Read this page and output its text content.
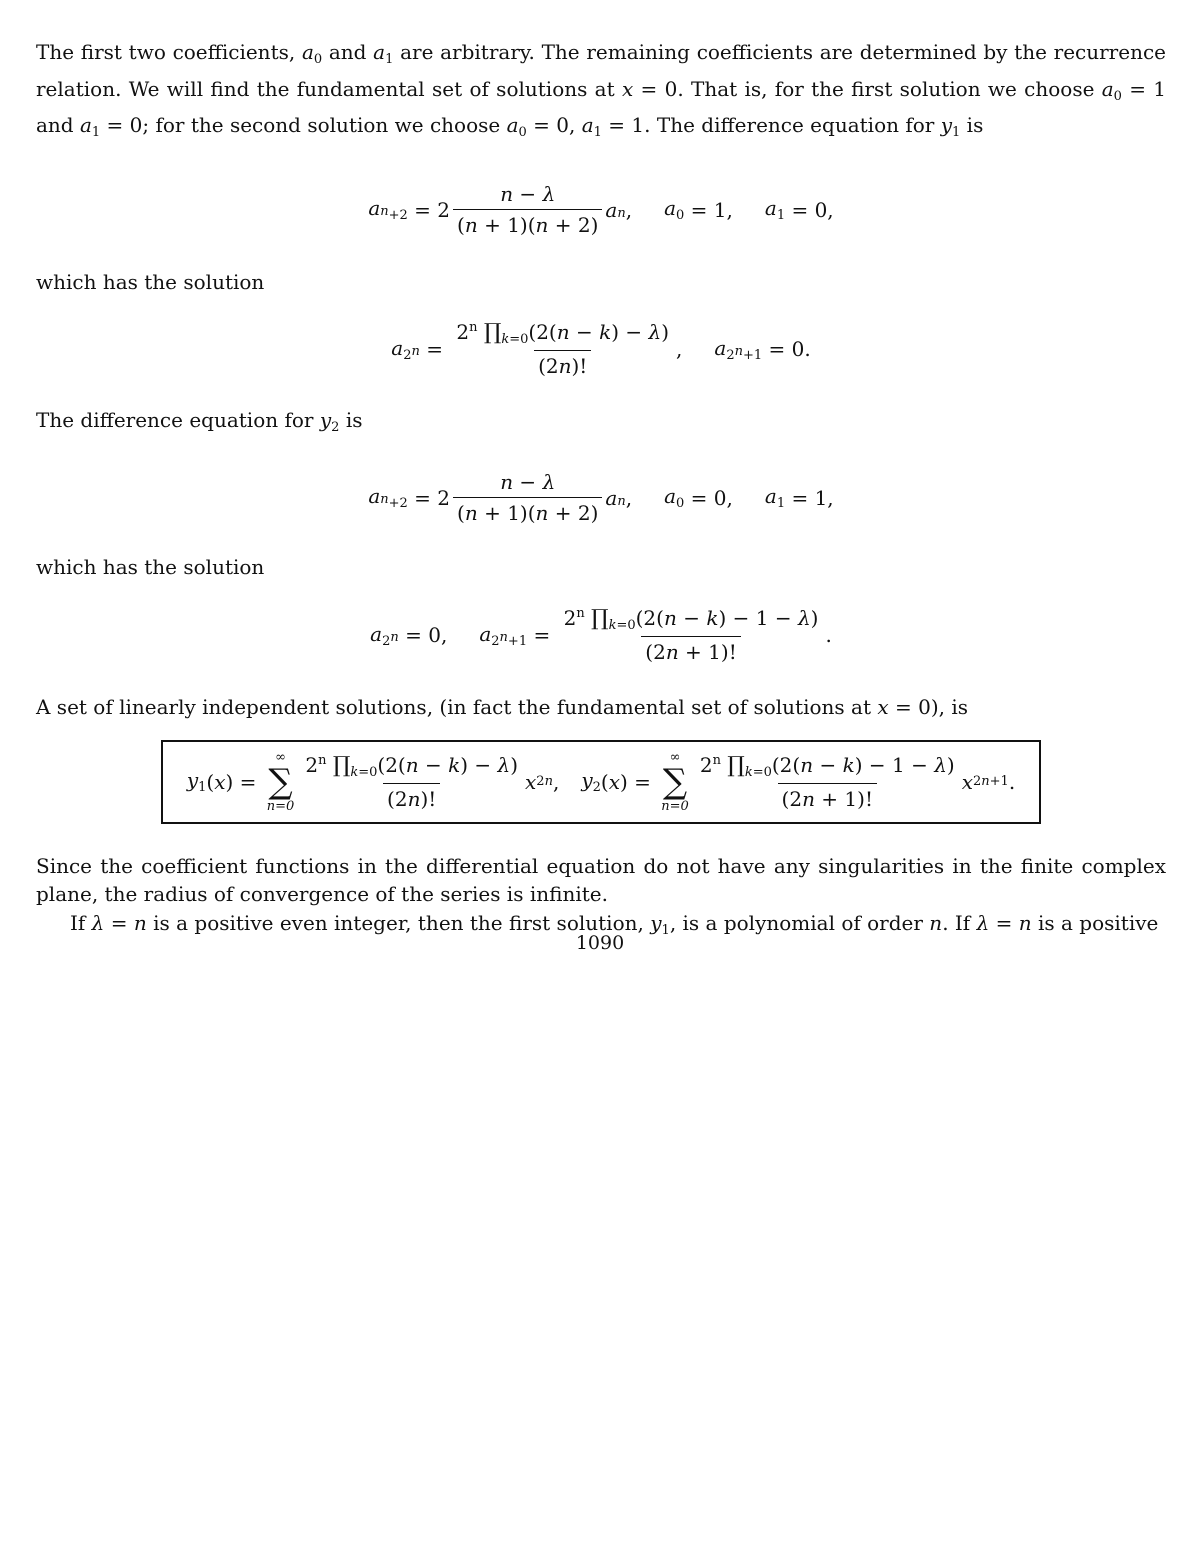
The first two coefficients, $a_0$ and $a_1$ are arbitrary. The remaining coefficients are determined by the recurrence relation. We will find the fundamental set of solutions at x = 0. That is, for the first solution we choose $a_0 = 1$ and $a_1 = 0$; for the second solution we choose $a_0 = 0$, $a_1 = 1$. The difference equation for $y_1$ is

$an_{+2} = 2 \frac{n - \lambda}{(n + 1)(n + 2)}$ an , $a_0 = 1$, $a_1 = 0$,

which has the solution

$a_2n = \frac{2^n \prod_{k=0}(2(n - k) - \lambda)}{(2n)!}$ , $a_2n_{+1} = 0$.

The difference equation for $y_2$ is

$an_{+2} = 2 \frac{n - \lambda}{(n + 1)(n + 2)}$ an , $a_0 = 0$, $a_1 = 1$,

which has the solution

$a_2n = 0$, $a_2n_{+1} = \frac{2^n \prod_{k=0}(2(n - k) - 1 - \lambda)}{(2n + 1)!}$ .

A set of linearly independent solutions, (in fact the fundamental set of solutions at x = 0), is

$y_1$ ( x ) =
∞
∑
$n=0 \frac{2^n \prod_{k=0}(2(n - k) - \lambda)}{(2n)!}$ x 2n , $y_2$ ( x ) =
∞
∑
$n=0 \frac{2^n \prod_{k=0}(2(n - k) - 1 - \lambda)}{(2n + 1)!}$ x 2n+1 .

Since the coefficient functions in the differential equation do not have any singularities in the finite complex plane, the radius of convergence of the series is infinite.

If λ = n is a positive even integer, then the first solution, $y_1$, is a polynomial of order n. If λ = n is a positive

1090
